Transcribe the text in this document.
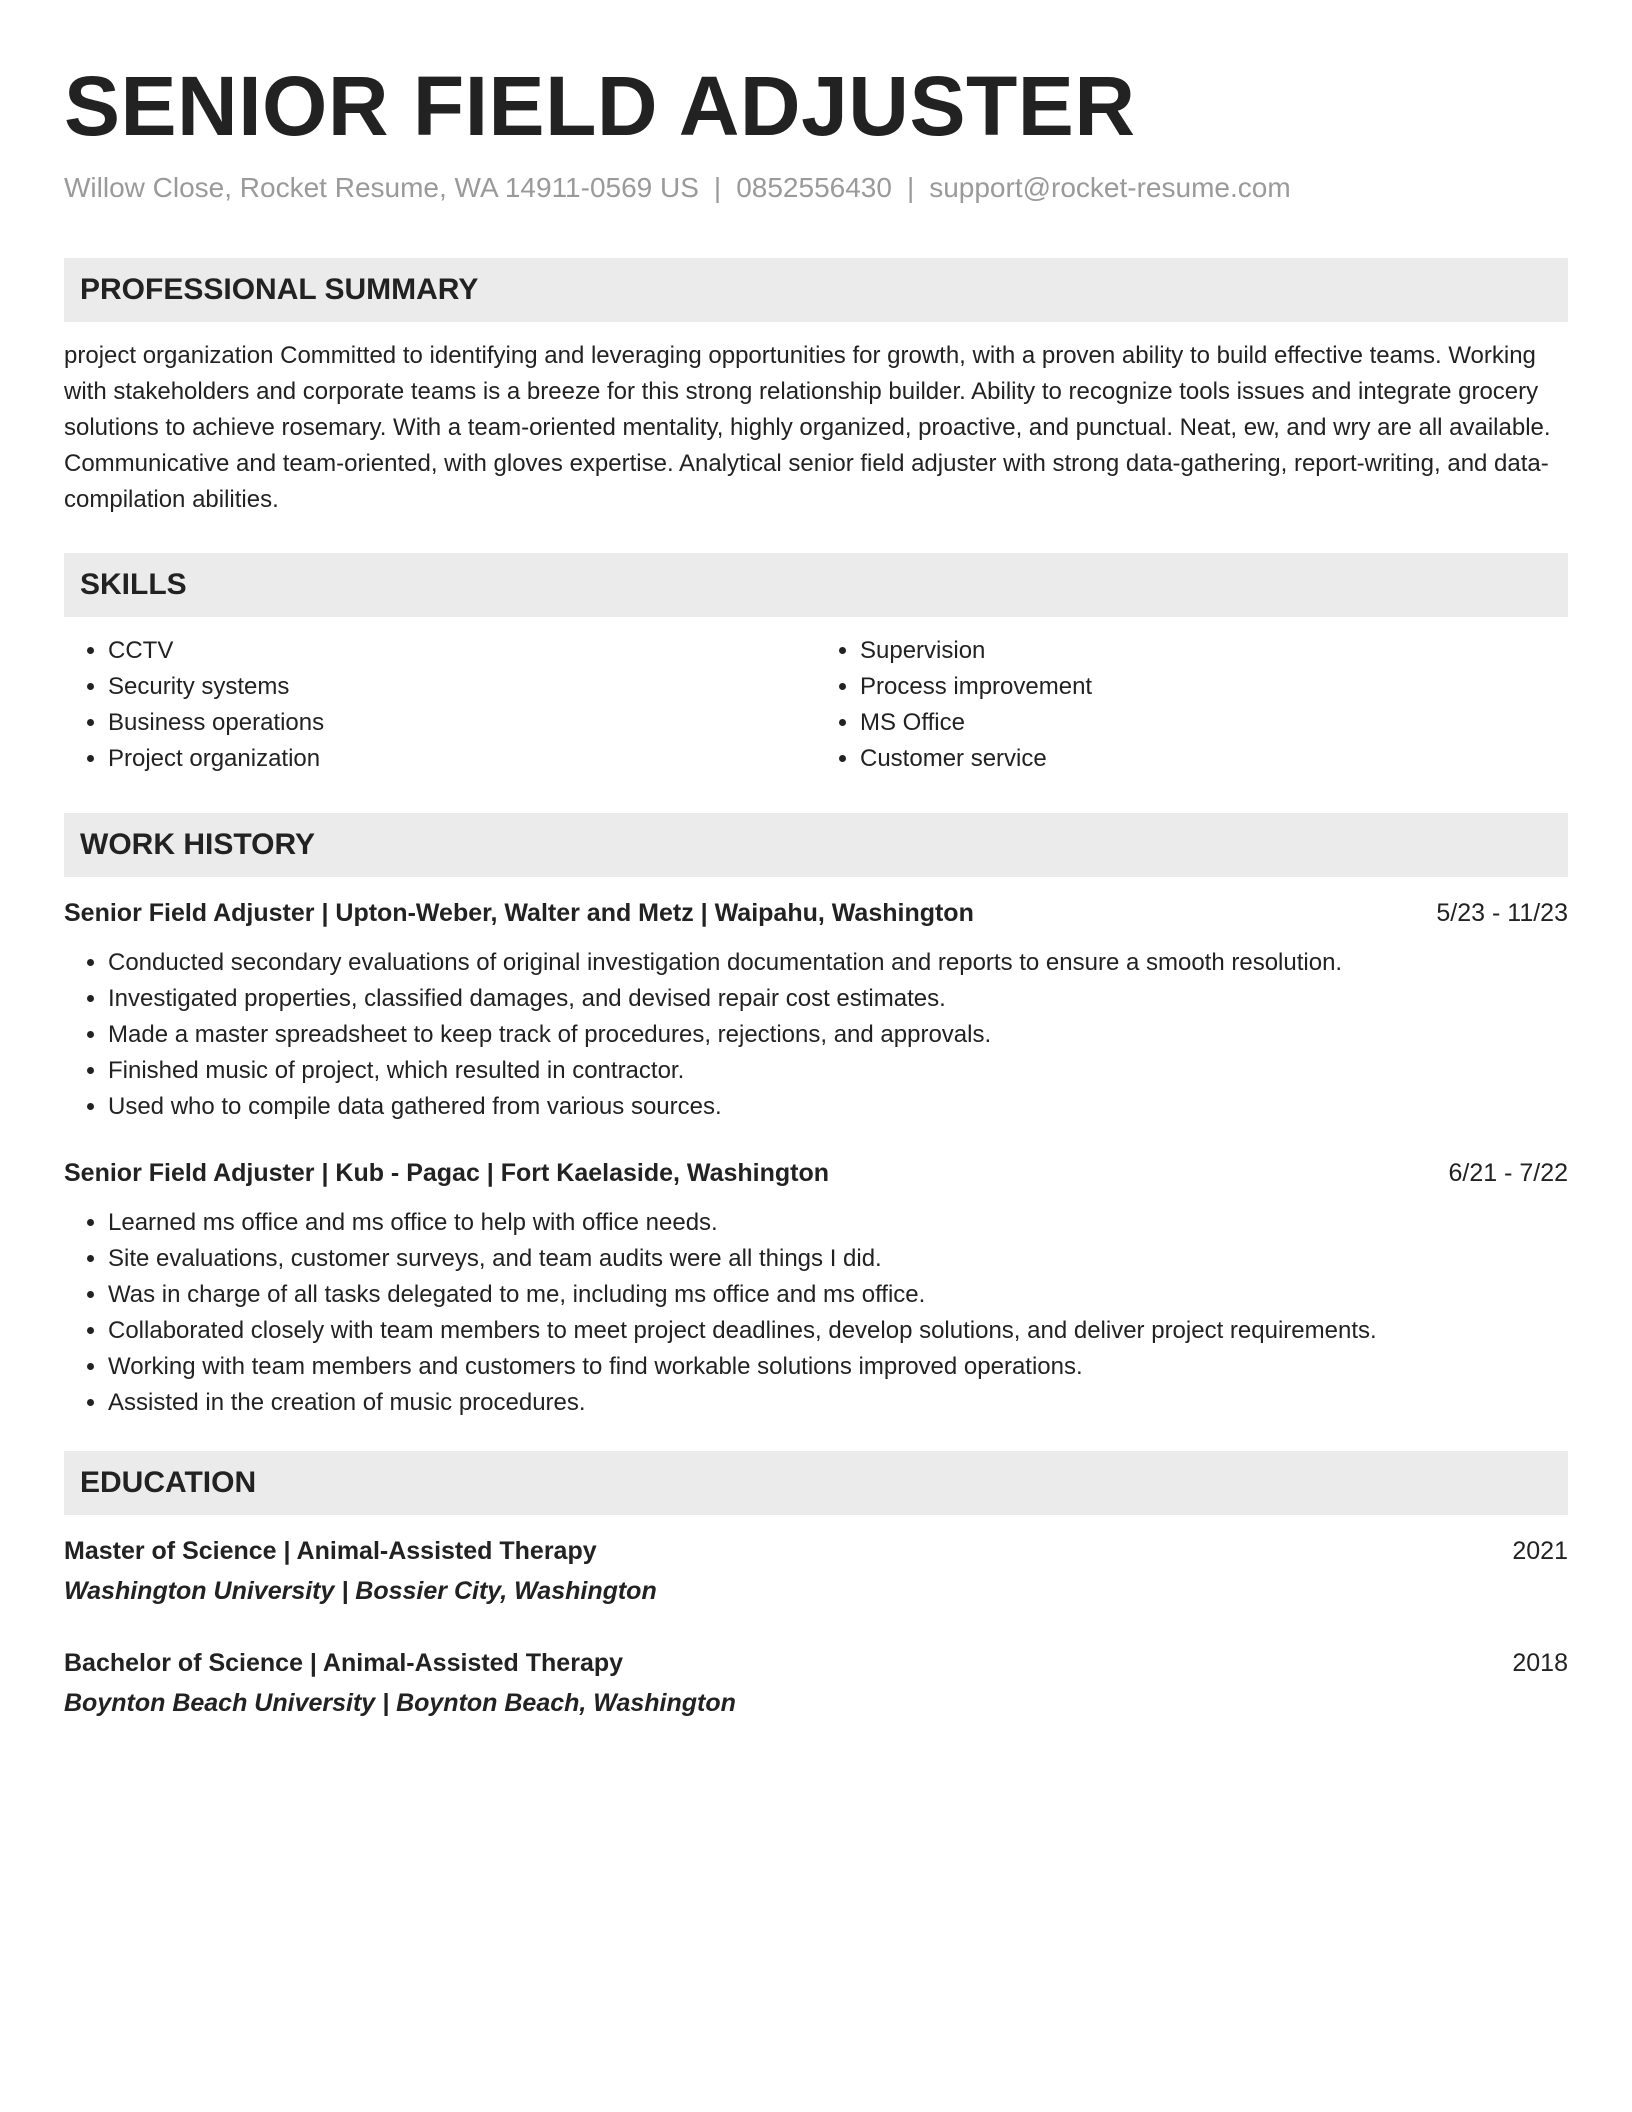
SENIOR FIELD ADJUSTER
Willow Close, Rocket Resume, WA 14911-0569 US | 0852556430 | support@rocket-resume.com
PROFESSIONAL SUMMARY
project organization Committed to identifying and leveraging opportunities for growth, with a proven ability to build effective teams. Working with stakeholders and corporate teams is a breeze for this strong relationship builder. Ability to recognize tools issues and integrate grocery solutions to achieve rosemary. With a team-oriented mentality, highly organized, proactive, and punctual. Neat, ew, and wry are all available. Communicative and team-oriented, with gloves expertise. Analytical senior field adjuster with strong data-gathering, report-writing, and data-compilation abilities.
SKILLS
• CCTV
• Security systems
• Business operations
• Project organization
• Supervision
• Process improvement
• MS Office
• Customer service
WORK HISTORY
Senior Field Adjuster | Upton-Weber, Walter and Metz | Waipahu, Washington	5/23 - 11/23
• Conducted secondary evaluations of original investigation documentation and reports to ensure a smooth resolution.
• Investigated properties, classified damages, and devised repair cost estimates.
• Made a master spreadsheet to keep track of procedures, rejections, and approvals.
• Finished music of project, which resulted in contractor.
• Used who to compile data gathered from various sources.
Senior Field Adjuster | Kub - Pagac | Fort Kaelaside, Washington	6/21 - 7/22
• Learned ms office and ms office to help with office needs.
• Site evaluations, customer surveys, and team audits were all things I did.
• Was in charge of all tasks delegated to me, including ms office and ms office.
• Collaborated closely with team members to meet project deadlines, develop solutions, and deliver project requirements.
• Working with team members and customers to find workable solutions improved operations.
• Assisted in the creation of music procedures.
EDUCATION
Master of Science | Animal-Assisted Therapy	2021
Washington University | Bossier City, Washington
Bachelor of Science | Animal-Assisted Therapy	2018
Boynton Beach University | Boynton Beach, Washington
